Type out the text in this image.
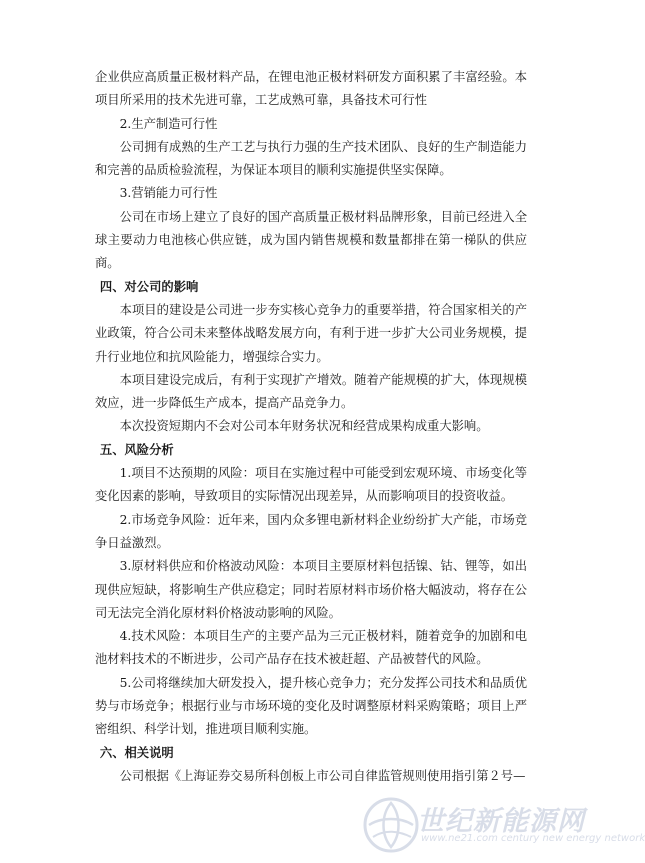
企业供应高质量正极材料产品，在锂电池正极材料研发方面积累了丰富经验。本项目所采用的技术先进可靠，工艺成熟可靠，具备技术可行性

2.生产制造可行性

公司拥有成熟的生产工艺与执行力强的生产技术团队、良好的生产制造能力和完善的品质检验流程，为保证本项目的顺利实施提供坚实保障。

3.营销能力可行性

公司在市场上建立了良好的国产高质量正极材料品牌形象，目前已经进入全球主要动力电池核心供应链，成为国内销售规模和数量都排在第一梯队的供应商。

四、对公司的影响

本项目的建设是公司进一步夯实核心竞争力的重要举措，符合国家相关的产业政策，符合公司未来整体战略发展方向，有利于进一步扩大公司业务规模，提升行业地位和抗风险能力，增强综合实力。

本项目建设完成后，有利于实现扩产增效。随着产能规模的扩大，体现规模效应，进一步降低生产成本，提高产品竞争力。

本次投资短期内不会对公司本年财务状况和经营成果构成重大影响。

五、风险分析

1.项目不达预期的风险：项目在实施过程中可能受到宏观环境、市场变化等变化因素的影响，导致项目的实际情况出现差异，从而影响项目的投资收益。

2.市场竞争风险：近年来，国内众多锂电新材料企业纷纷扩大产能，市场竞争日益激烈。

3.原材料供应和价格波动风险：本项目主要原材料包括镍、钴、锂等，如出现供应短缺，将影响生产供应稳定；同时若原材料市场价格大幅波动，将存在公司无法完全消化原材料价格波动影响的风险。

4.技术风险：本项目生产的主要产品为三元正极材料，随着竞争的加剧和电池材料技术的不断进步，公司产品存在技术被赶超、产品被替代的风险。

5.公司将继续加大研发投入，提升核心竞争力；充分发挥公司技术和品质优势与市场竞争；根据行业与市场环境的变化及时调整原材料采购策略；项目上严密组织、科学计划，推进项目顺利实施。

六、相关说明

公司根据《上海证券交易所科创板上市公司自律监管规则使用指引第２号—

世纪新能源网
www.ne21.com century new energy network
